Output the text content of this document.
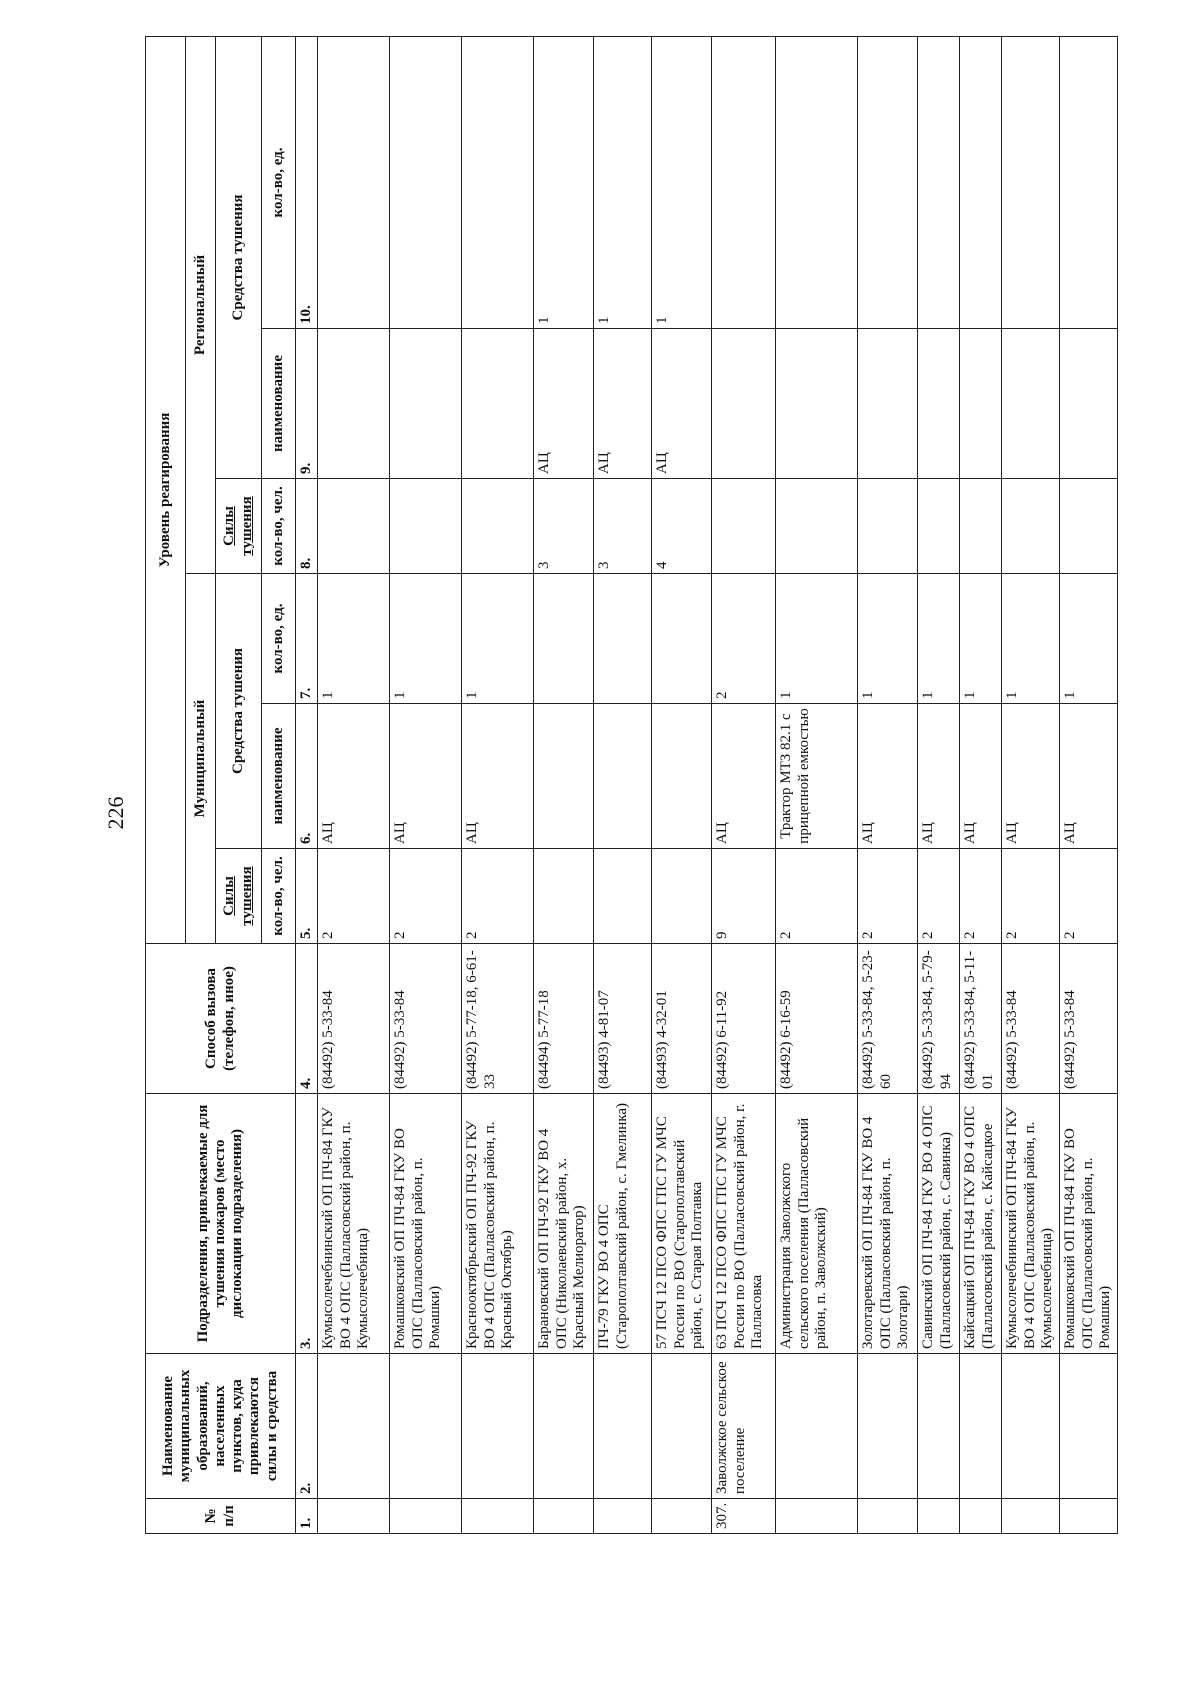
226
№ п/п	Наименование муниципальных образований, населенных пунктов, куда привлекаются силы и средства	Подразделения, привлекаемые для тушения пожаров (место дислокации подразделения)	Способ вызова (телефон, иное)	Уровень реагирования					
				Муниципальный			Региональный		
				Силы тушения	Средства тушения		Силы тушения	Средства тушения	
				кол-во, чел.	наименование	кол-во, ед.	кол-во, чел.	наименование	кол-во, ед.
1.	2.	3.	4.	5.	6.	7.	8.	9.	10.
		Кумысолечебнинский ОП ПЧ-84 ГКУ ВО 4 ОПС (Палласовский район, п. Кумысолечебница)	(84492) 5-33-84	2	АЦ	1			
		Ромашковский ОП ПЧ-84 ГКУ ВО ОПС (Палласовский район, п. Ромашки)	(84492) 5-33-84	2	АЦ	1			
		Краснооктябрьский ОП ПЧ-92 ГКУ ВО 4 ОПС (Палласовский район, п. Красный Октябрь)	(84492) 5-77-18, 6-61-33	2	АЦ	1			
		Барановский ОП ПЧ-92 ГКУ ВО 4 ОПС (Николаевский район, х. Красный Мелиоратор)	(84494) 5-77-18				3	АЦ	1
		ПЧ-79 ГКУ ВО 4 ОПС (Старополтавский район, с. Гмелинка)	(84493) 4-81-07				3	АЦ	1
		57 ПСЧ 12 ПСО ФПС ГПС ГУ МЧС России по ВО (Старополтавский район, с. Старая Полтавка	(84493) 4-32-01				4	АЦ	1
307.	Заволжское сельское поселение	63 ПСЧ 12 ПСО ФПС ГПС ГУ МЧС России по ВО (Палласовский район, г. Палласовка	(84492) 6-11-92	9	АЦ	2			
		Администрация Заволжского сельского поселения (Палласовский район, п. Заволжский)	(84492) 6-16-59	2	Трактор МТЗ 82.1 с прицепной емкостью	1			
		Золотаревский ОП ПЧ-84 ГКУ ВО 4 ОПС (Палласовский район, п. Золотари)	(84492) 5-33-84, 5-23-60	2	АЦ	1			
		Савинский ОП ПЧ-84 ГКУ ВО 4 ОПС (Палласовский район, с. Савинка)	(84492) 5-33-84, 5-79-94	2	АЦ	1			
		Кайсацкий ОП ПЧ-84 ГКУ ВО 4 ОПС (Палласовский район, с. Кайсацкое	(84492) 5-33-84, 5-11-01	2	АЦ	1			
		Кумысолечебнинский ОП ПЧ-84 ГКУ ВО 4 ОПС (Палласовский район, п. Кумысолечебница)	(84492) 5-33-84	2	АЦ	1			
		Ромашковский ОП ПЧ-84 ГКУ ВО ОПС (Палласовский район, п. Ромашки)	(84492) 5-33-84	2	АЦ	1			
